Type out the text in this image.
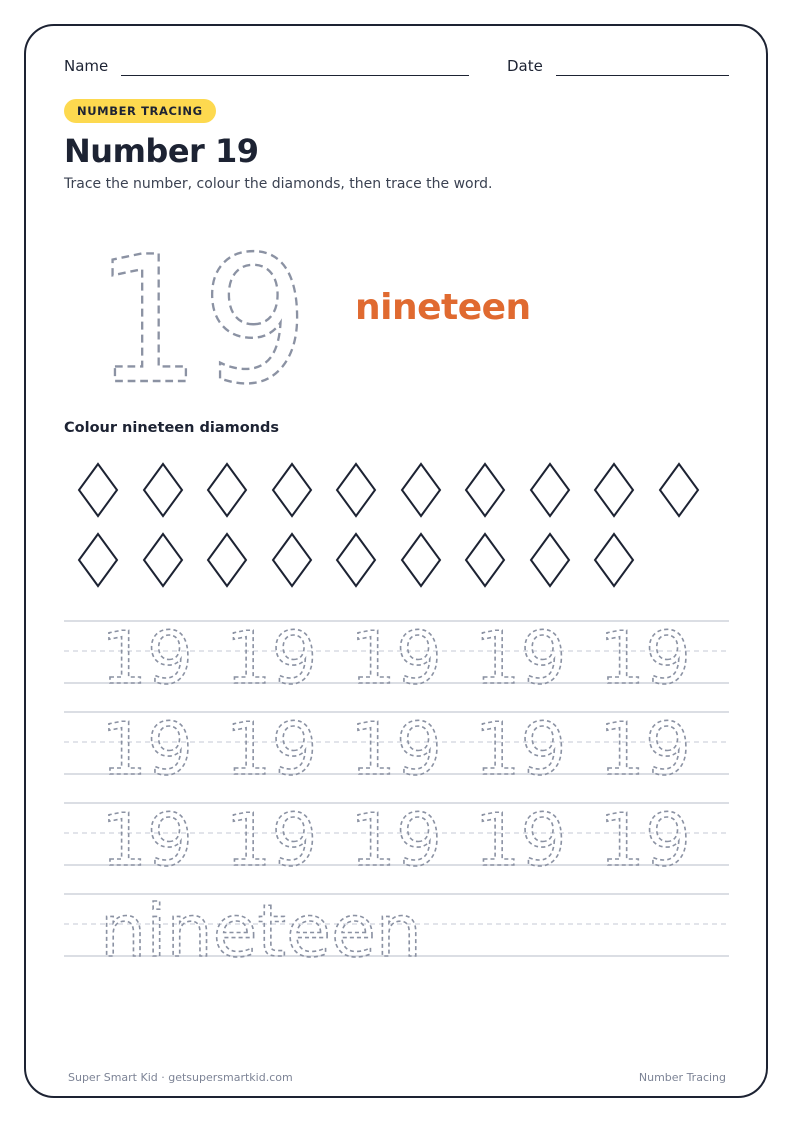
Name	Date
NUMBER TRACING
Number 19
Trace the number, colour the diamonds, then trace the word.
19 nineteen
Colour nineteen diamonds
19 19 19 19 19
19 19 19 19 19
19 19 19 19 19
nineteen
Super Smart Kid · getsupersmartkid.com	Number Tracing
